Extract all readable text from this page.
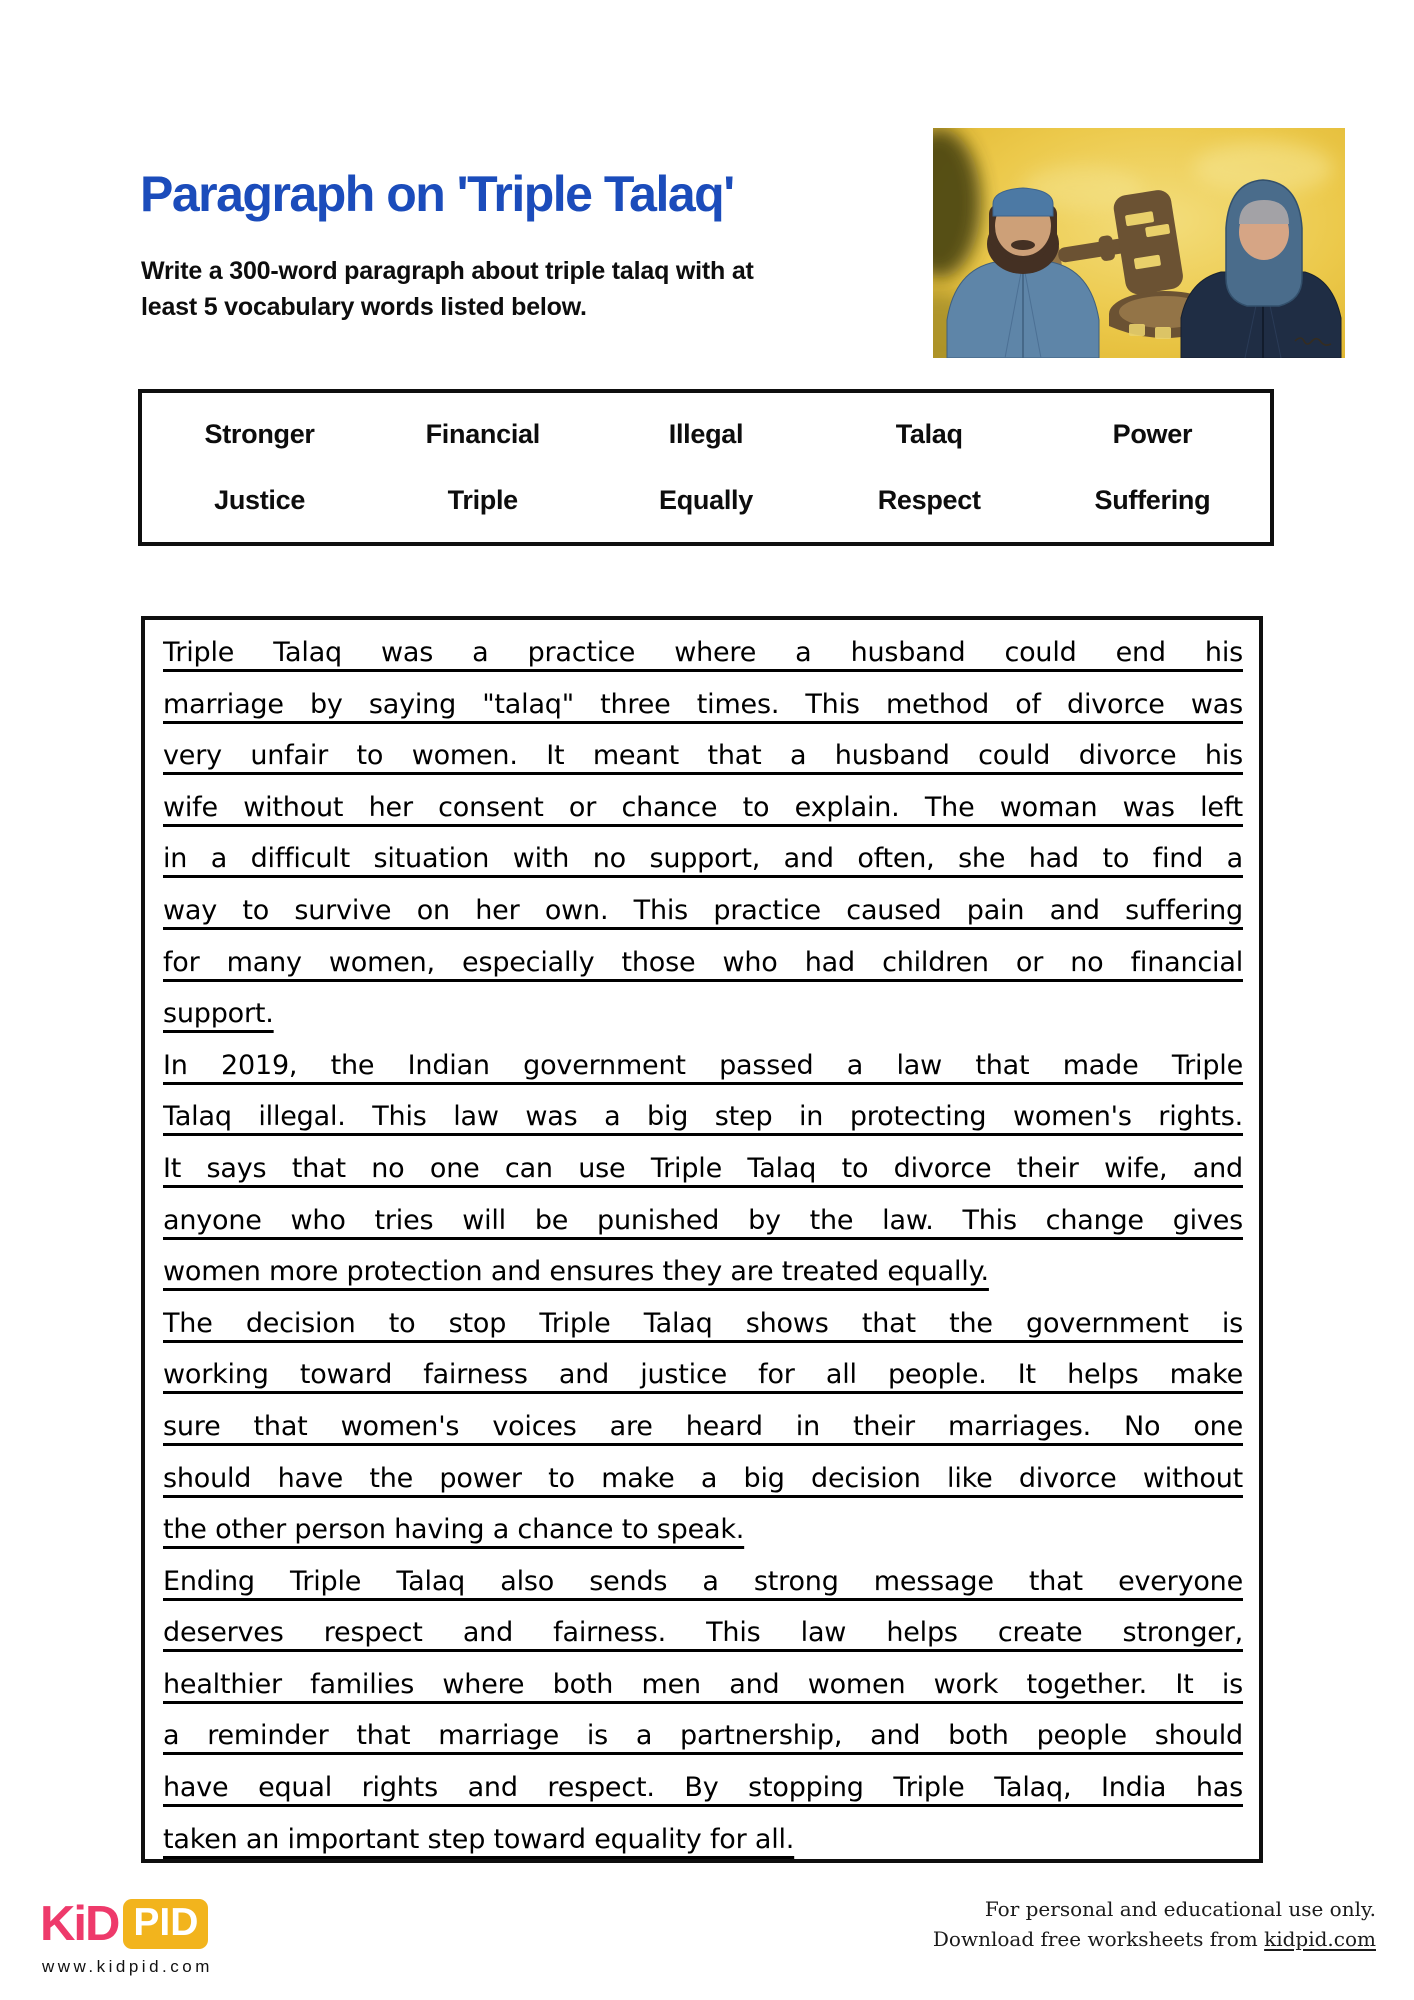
Paragraph on 'Triple Talaq'
Write a 300-word paragraph about triple talaq with at
least 5 vocabulary words listed below.
Stronger	Financial	Illegal	Talaq	Power
Justice	Triple	Equally	Respect	Suffering
Triple Talaq was a practice where a husband could end his
marriage by saying "talaq" three times. This method of divorce was
very unfair to women. It meant that a husband could divorce his
wife without her consent or chance to explain. The woman was left
in a difficult situation with no support, and often, she had to find a
way to survive on her own. This practice caused pain and suffering
for many women, especially those who had children or no financial
support.
In 2019, the Indian government passed a law that made Triple
Talaq illegal. This law was a big step in protecting women's rights.
It says that no one can use Triple Talaq to divorce their wife, and
anyone who tries will be punished by the law. This change gives
women more protection and ensures they are treated equally.
The decision to stop Triple Talaq shows that the government is
working toward fairness and justice for all people. It helps make
sure that women's voices are heard in their marriages. No one
should have the power to make a big decision like divorce without
the other person having a chance to speak.
Ending Triple Talaq also sends a strong message that everyone
deserves respect and fairness. This law helps create stronger,
healthier families where both men and women work together. It is
a reminder that marriage is a partnership, and both people should
have equal rights and respect. By stopping Triple Talaq, India has
taken an important step toward equality for all.
KiD PID
www.kidpid.com
For personal and educational use only.
Download free worksheets from kidpid.com
